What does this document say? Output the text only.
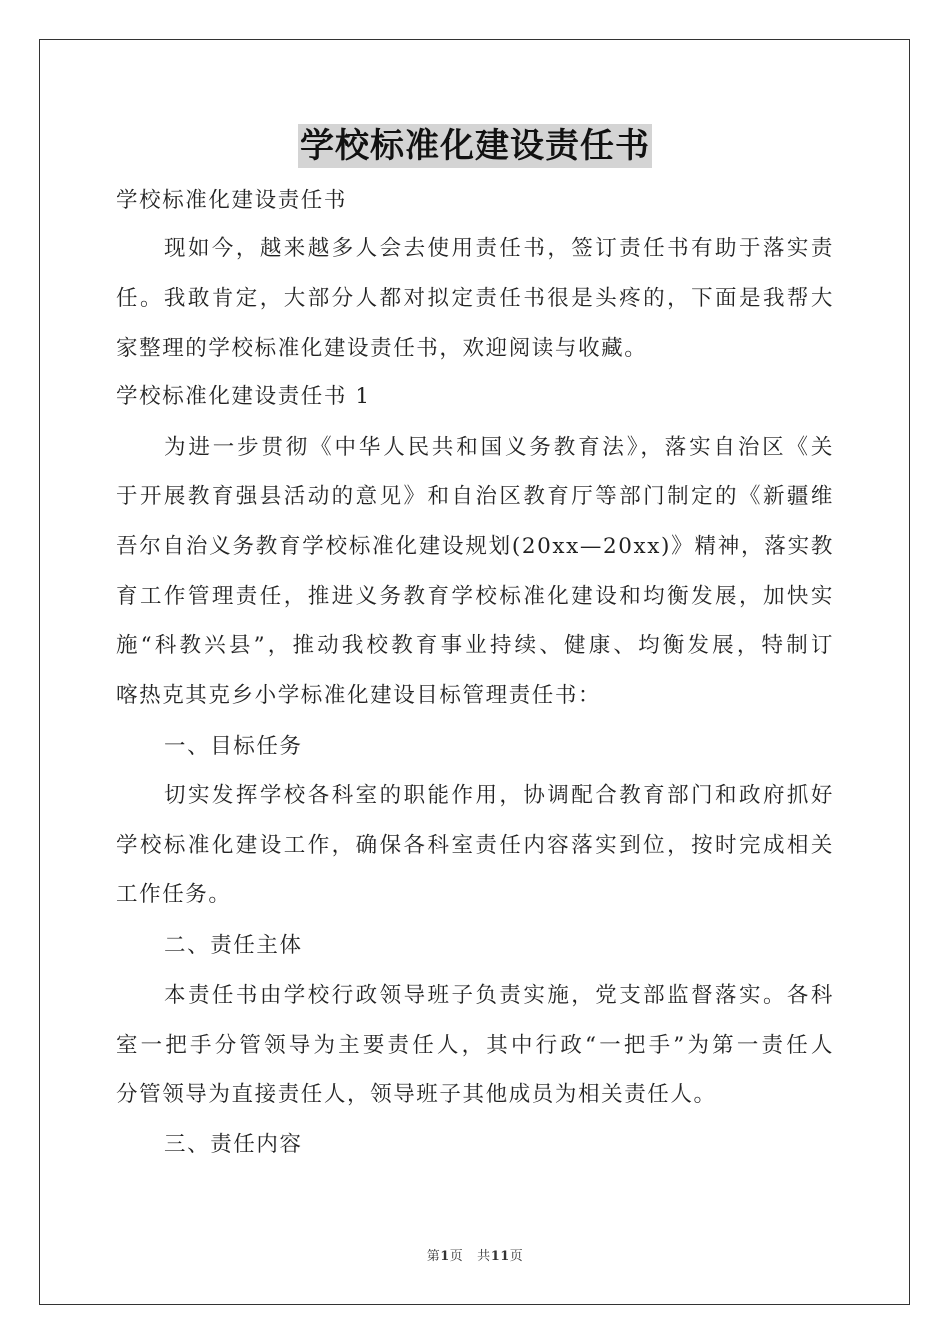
学校标准化建设责任书
学校标准化建设责任书
现如今，越来越多人会去使用责任书，签订责任书有助于落实责
任。我敢肯定，大部分人都对拟定责任书很是头疼的，下面是我帮大
家整理的学校标准化建设责任书，欢迎阅读与收藏。
学校标准化建设责任书 1
为进一步贯彻《中华人民共和国义务教育法》，落实自治区《关
于开展教育强县活动的意见》和自治区教育厅等部门制定的《新疆维
吾尔自治义务教育学校标准化建设规划(20xx—20xx)》精神，落实教
育工作管理责任，推进义务教育学校标准化建设和均衡发展，加快实
施“科教兴县”，推动我校教育事业持续、健康、均衡发展，特制订
喀热克其克乡小学标准化建设目标管理责任书：
一、目标任务
切实发挥学校各科室的职能作用，协调配合教育部门和政府抓好
学校标准化建设工作，确保各科室责任内容落实到位，按时完成相关
工作任务。
二、责任主体
本责任书由学校行政领导班子负责实施，党支部监督落实。各科
室一把手分管领导为主要责任人，其中行政“一把手”为第一责任人
分管领导为直接责任人，领导班子其他成员为相关责任人。
三、责任内容
第1页 共11页
